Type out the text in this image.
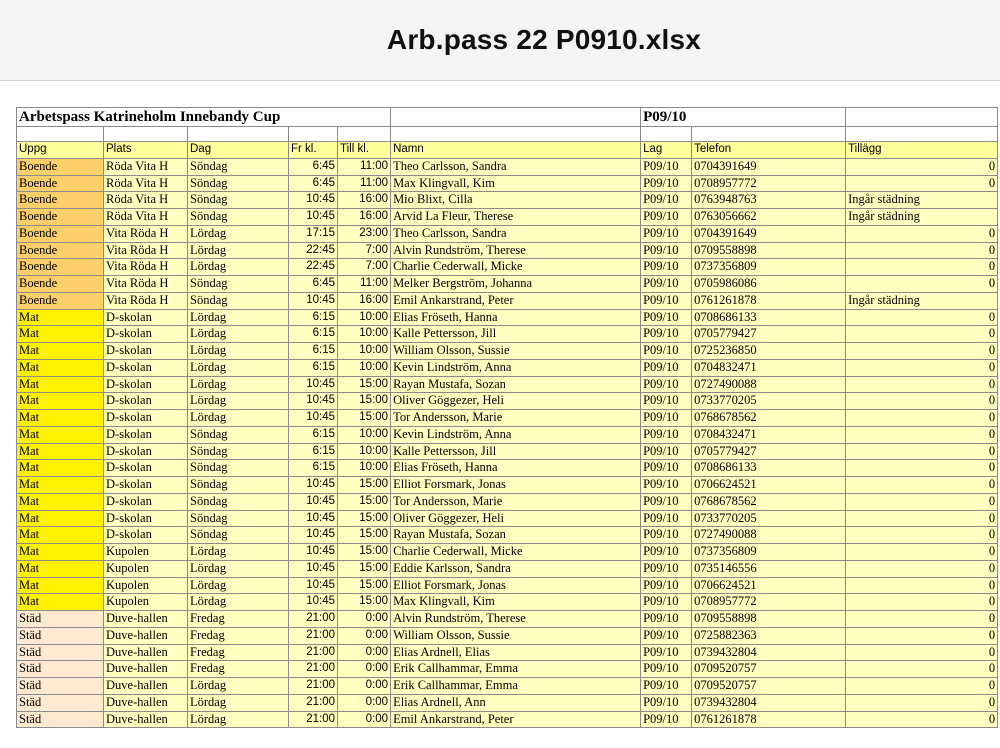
Arb.pass 22 P0910.xlsx
Arbetspass Katrineholm Innebandy Cup						P09/10		

Uppg	Plats	Dag	Fr kl.	Till kl.	Namn	Lag	Telefon	Tillägg
Boende	Röda Vita H	Söndag	6:45	11:00	Theo Carlsson, Sandra	P09/10	0704391649	0
Boende	Röda Vita H	Söndag	6:45	11:00	Max Klingvall, Kim	P09/10	0708957772	0
Boende	Röda Vita H	Söndag	10:45	16:00	Mio Blixt, Cilla	P09/10	0763948763	Ingår städning
Boende	Röda Vita H	Söndag	10:45	16:00	Arvid La Fleur, Therese	P09/10	0763056662	Ingår städning
Boende	Vita Röda H	Lördag	17:15	23:00	Theo Carlsson, Sandra	P09/10	0704391649	0
Boende	Vita Röda H	Lördag	22:45	7:00	Alvin Rundström, Therese	P09/10	0709558898	0
Boende	Vita Röda H	Lördag	22:45	7:00	Charlie Cederwall, Micke	P09/10	0737356809	0
Boende	Vita Röda H	Söndag	6:45	11:00	Melker Bergström, Johanna	P09/10	0705986086	0
Boende	Vita Röda H	Söndag	10:45	16:00	Emil Ankarstrand, Peter	P09/10	0761261878	Ingår städning
Mat	D-skolan	Lördag	6:15	10:00	Elias Fröseth, Hanna	P09/10	0708686133	0
Mat	D-skolan	Lördag	6:15	10:00	Kalle Pettersson, Jill	P09/10	0705779427	0
Mat	D-skolan	Lördag	6:15	10:00	William Olsson, Sussie	P09/10	0725236850	0
Mat	D-skolan	Lördag	6:15	10:00	Kevin Lindström, Anna	P09/10	0704832471	0
Mat	D-skolan	Lördag	10:45	15:00	Rayan Mustafa, Sozan	P09/10	0727490088	0
Mat	D-skolan	Lördag	10:45	15:00	Oliver Göggezer, Heli	P09/10	0733770205	0
Mat	D-skolan	Lördag	10:45	15:00	Tor Andersson, Marie	P09/10	0768678562	0
Mat	D-skolan	Söndag	6:15	10:00	Kevin Lindström, Anna	P09/10	0708432471	0
Mat	D-skolan	Söndag	6:15	10:00	Kalle Pettersson, Jill	P09/10	0705779427	0
Mat	D-skolan	Söndag	6:15	10:00	Elias Fröseth, Hanna	P09/10	0708686133	0
Mat	D-skolan	Söndag	10:45	15:00	Elliot Forsmark, Jonas	P09/10	0706624521	0
Mat	D-skolan	Söndag	10:45	15:00	Tor Andersson, Marie	P09/10	0768678562	0
Mat	D-skolan	Söndag	10:45	15:00	Oliver Göggezer, Heli	P09/10	0733770205	0
Mat	D-skolan	Söndag	10:45	15:00	Rayan Mustafa, Sozan	P09/10	0727490088	0
Mat	Kupolen	Lördag	10:45	15:00	Charlie Cederwall, Micke	P09/10	0737356809	0
Mat	Kupolen	Lördag	10:45	15:00	Eddie Karlsson, Sandra	P09/10	0735146556	0
Mat	Kupolen	Lördag	10:45	15:00	Elliot Forsmark, Jonas	P09/10	0706624521	0
Mat	Kupolen	Lördag	10:45	15:00	Max Klingvall, Kim	P09/10	0708957772	0
Städ	Duve-hallen	Fredag	21:00	0:00	Alvin Rundström, Therese	P09/10	0709558898	0
Städ	Duve-hallen	Fredag	21:00	0:00	William Olsson, Sussie	P09/10	0725882363	0
Städ	Duve-hallen	Fredag	21:00	0:00	Elias Ardnell, Elias	P09/10	0739432804	0
Städ	Duve-hallen	Fredag	21:00	0:00	Erik Callhammar, Emma	P09/10	0709520757	0
Städ	Duve-hallen	Lördag	21:00	0:00	Erik Callhammar, Emma	P09/10	0709520757	0
Städ	Duve-hallen	Lördag	21:00	0:00	Elias Ardnell, Ann	P09/10	0739432804	0
Städ	Duve-hallen	Lördag	21:00	0:00	Emil Ankarstrand, Peter	P09/10	0761261878	0
